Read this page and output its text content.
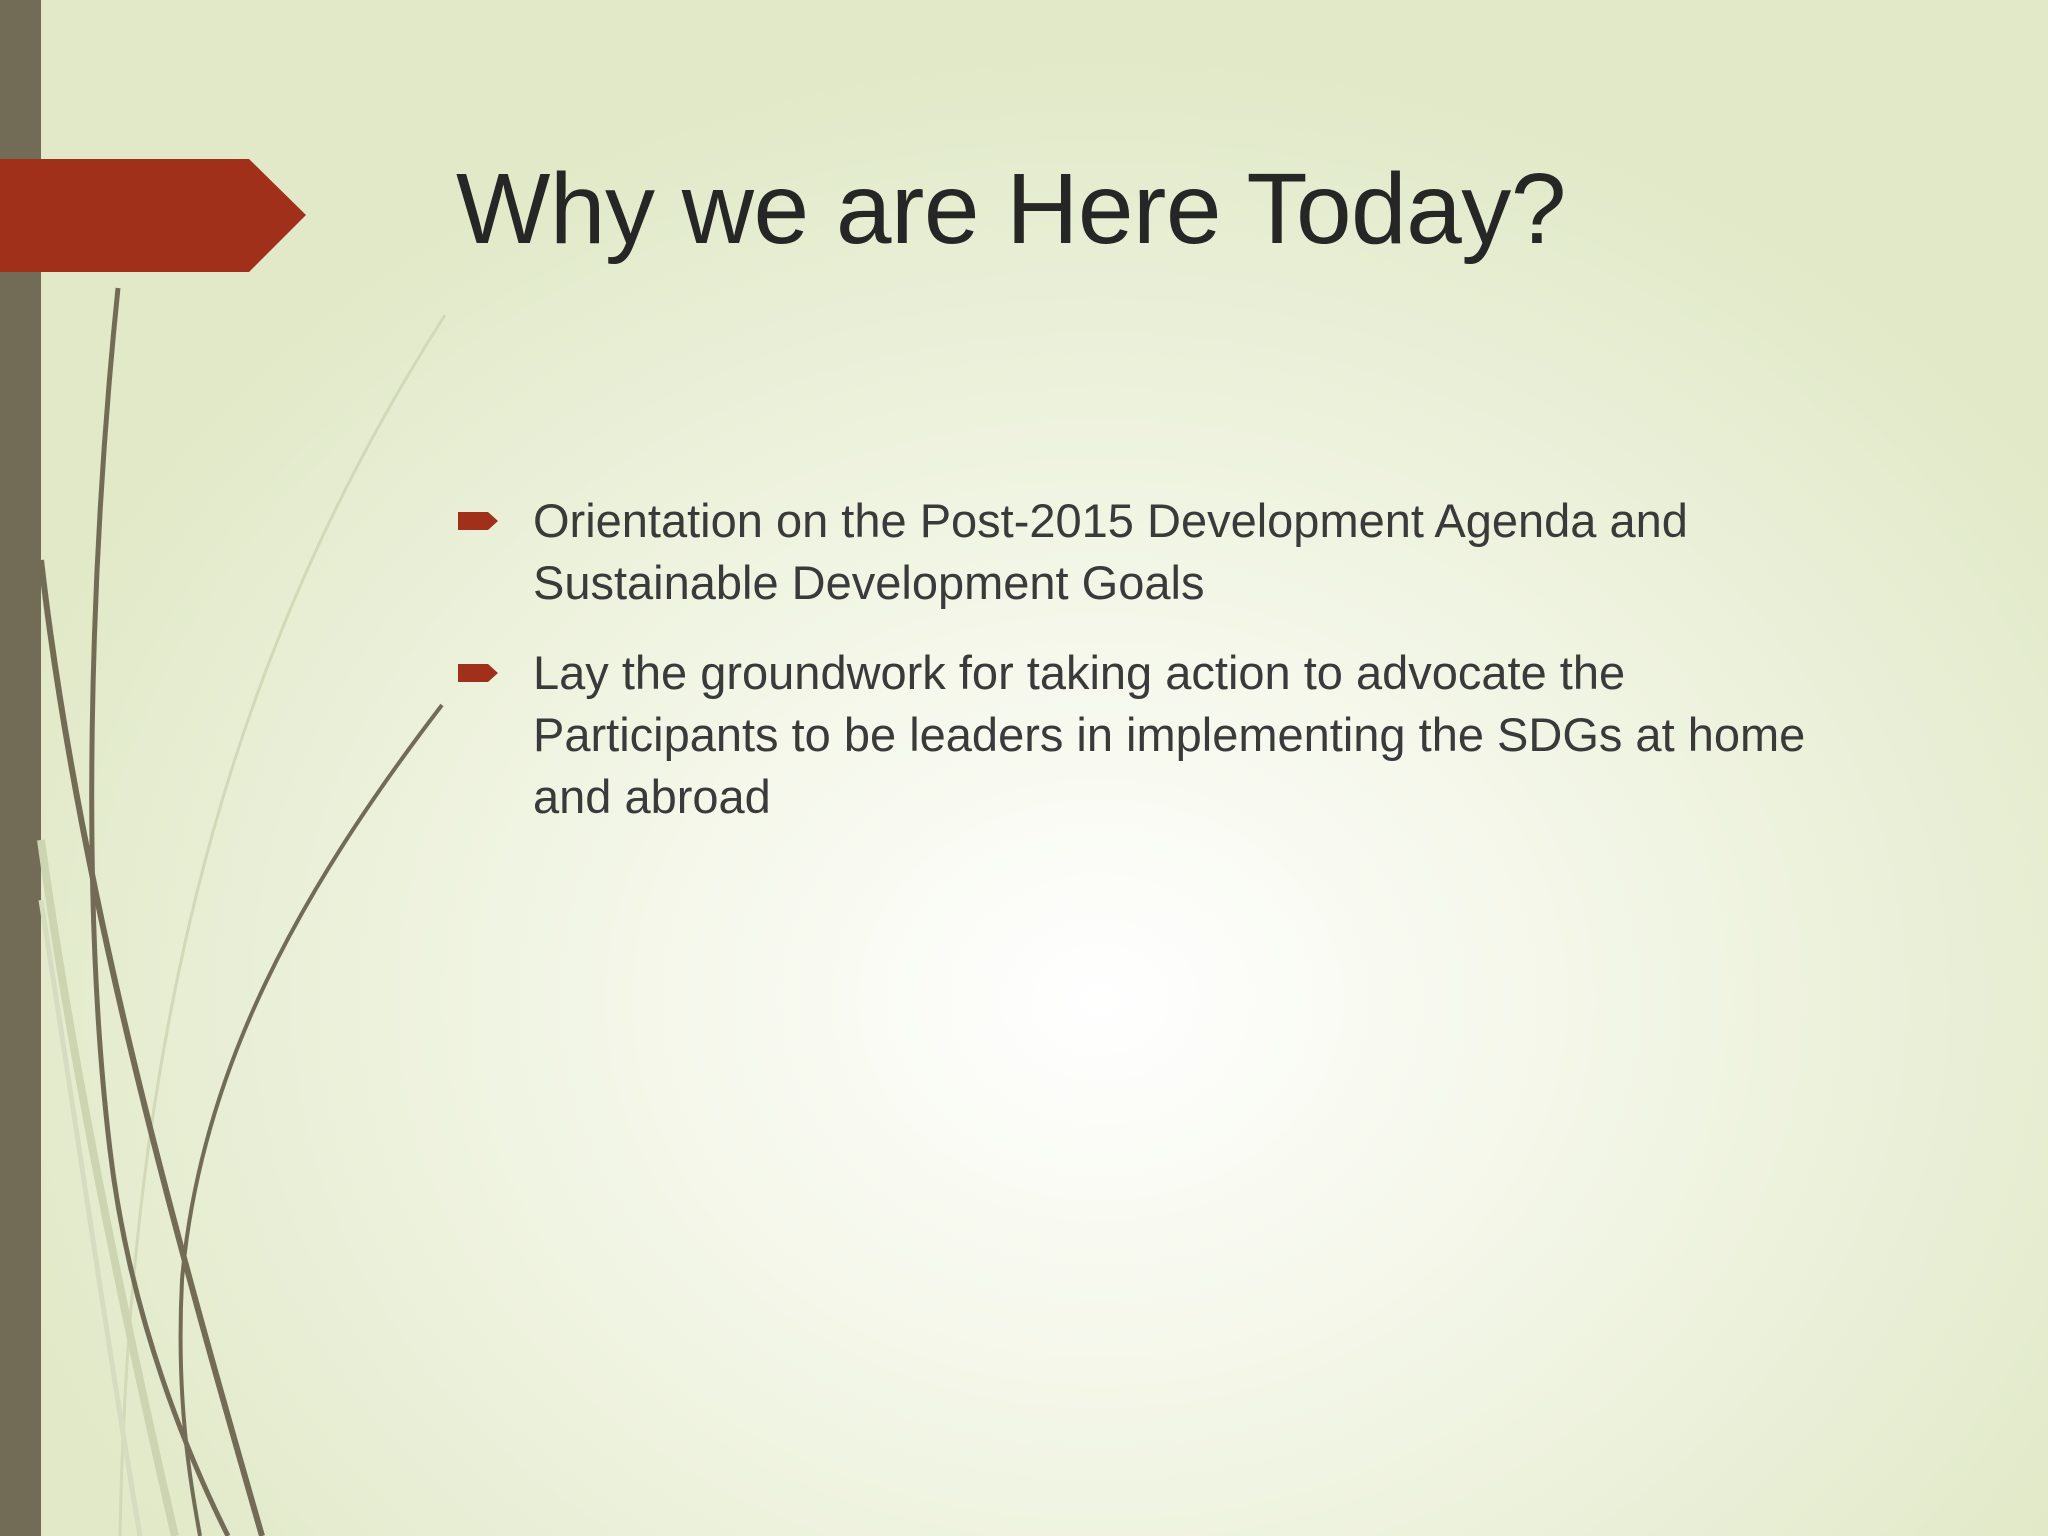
Why we are Here Today?
Orientation on the Post-2015 Development Agenda and Sustainable Development Goals
Lay the groundwork for taking action to advocate the Participants to be leaders in implementing the SDGs at home and abroad
